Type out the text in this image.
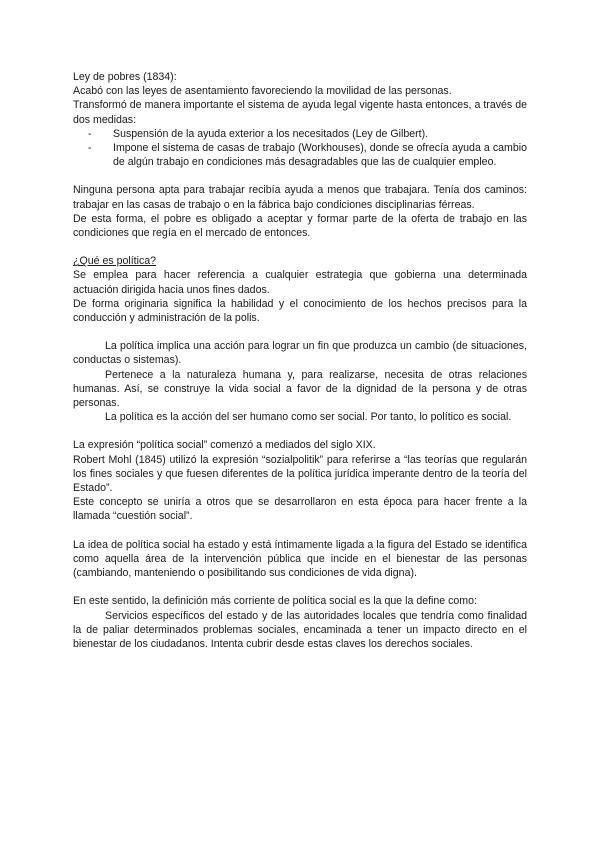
Ley de pobres (1834):

Acabó con las leyes de asentamiento favoreciendo la movilidad de las personas.

Transformó de manera importante el sistema de ayuda legal vigente hasta entonces, a través de dos medidas:

- Suspensión de la ayuda exterior a los necesitados (Ley de Gilbert).
- Impone el sistema de casas de trabajo (Workhouses), donde se ofrecía ayuda a cambio de algún trabajo en condiciones más desagradables que las de cualquier empleo.

Ninguna persona apta para trabajar recibía ayuda a menos que trabajara. Tenía dos caminos: trabajar en las casas de trabajo o en la fábrica bajo condiciones disciplinarias férreas.

De esta forma, el pobre es obligado a aceptar y formar parte de la oferta de trabajo en las condiciones que regía en el mercado de entonces.

¿Qué es política?

Se emplea para hacer referencia a cualquier estrategia que gobierna una determinada actuación dirigida hacia unos fines dados.

De forma originaria significa la habilidad y el conocimiento de los hechos precisos para la conducción y administración de la polis.

La política implica una acción para lograr un fin que produzca un cambio (de situaciones, conductas o sistemas).

Pertenece a la naturaleza humana y, para realizarse, necesita de otras relaciones humanas. Así, se construye la vida social a favor de la dignidad de la persona y de otras personas.

La política es la acción del ser humano como ser social. Por tanto, lo político es social.

La expresión “política social” comenzó a mediados del siglo XIX.

Robert Mohl (1845) utilizó la expresión “sozialpolitik” para referirse a “las teorías que regularán los fines sociales y que fuesen diferentes de la política jurídica imperante dentro de la teoría del Estado”.

Este concepto se uniría a otros que se desarrollaron en esta época para hacer frente a la llamada “cuestión social”.

La idea de política social ha estado y está íntimamente ligada a la figura del Estado se identifica como aquella área de la intervención pública que incide en el bienestar de las personas (cambiando, manteniendo o posibilitando sus condiciones de vida digna).

En este sentido, la definición más corriente de política social es la que la define como:

Servicios específicos del estado y de las autoridades locales que tendría como finalidad la de paliar determinados problemas sociales, encaminada a tener un impacto directo en el bienestar de los ciudadanos. Intenta cubrir desde estas claves los derechos sociales.
